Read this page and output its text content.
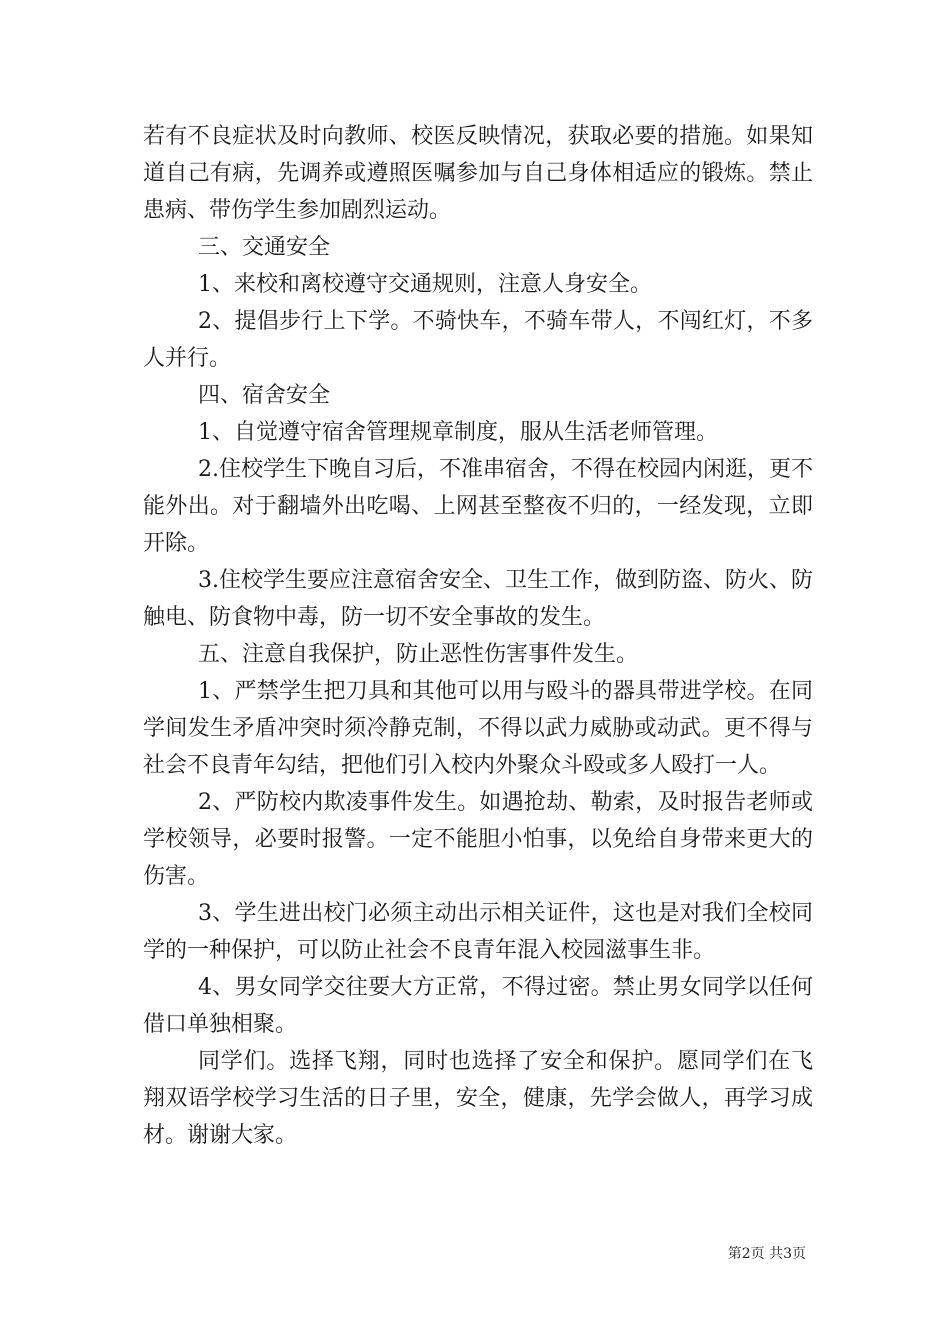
若有不良症状及时向教师、校医反映情况，获取必要的措施。如果知道自己有病，先调养或遵照医嘱参加与自己身体相适应的锻炼。禁止患病、带伤学生参加剧烈运动。

三、交通安全

1、来校和离校遵守交通规则，注意人身安全。

2、提倡步行上下学。不骑快车，不骑车带人，不闯红灯，不多人并行。

四、宿舍安全

1、自觉遵守宿舍管理规章制度，服从生活老师管理。

2.住校学生下晚自习后，不准串宿舍，不得在校园内闲逛，更不能外出。对于翻墙外出吃喝、上网甚至整夜不归的，一经发现，立即开除。

3.住校学生要应注意宿舍安全、卫生工作，做到防盗、防火、防触电、防食物中毒，防一切不安全事故的发生。

五、注意自我保护，防止恶性伤害事件发生。

1、严禁学生把刀具和其他可以用与殴斗的器具带进学校。在同学间发生矛盾冲突时须冷静克制，不得以武力威胁或动武。更不得与社会不良青年勾结，把他们引入校内外聚众斗殴或多人殴打一人。

2、严防校内欺凌事件发生。如遇抢劫、勒索，及时报告老师或学校领导，必要时报警。一定不能胆小怕事，以免给自身带来更大的伤害。

3、学生进出校门必须主动出示相关证件，这也是对我们全校同学的一种保护，可以防止社会不良青年混入校园滋事生非。

4、男女同学交往要大方正常，不得过密。禁止男女同学以任何借口单独相聚。

同学们。选择飞翔，同时也选择了安全和保护。愿同学们在飞翔双语学校学习生活的日子里，安全，健康，先学会做人，再学习成材。谢谢大家。

第2页 共3页
